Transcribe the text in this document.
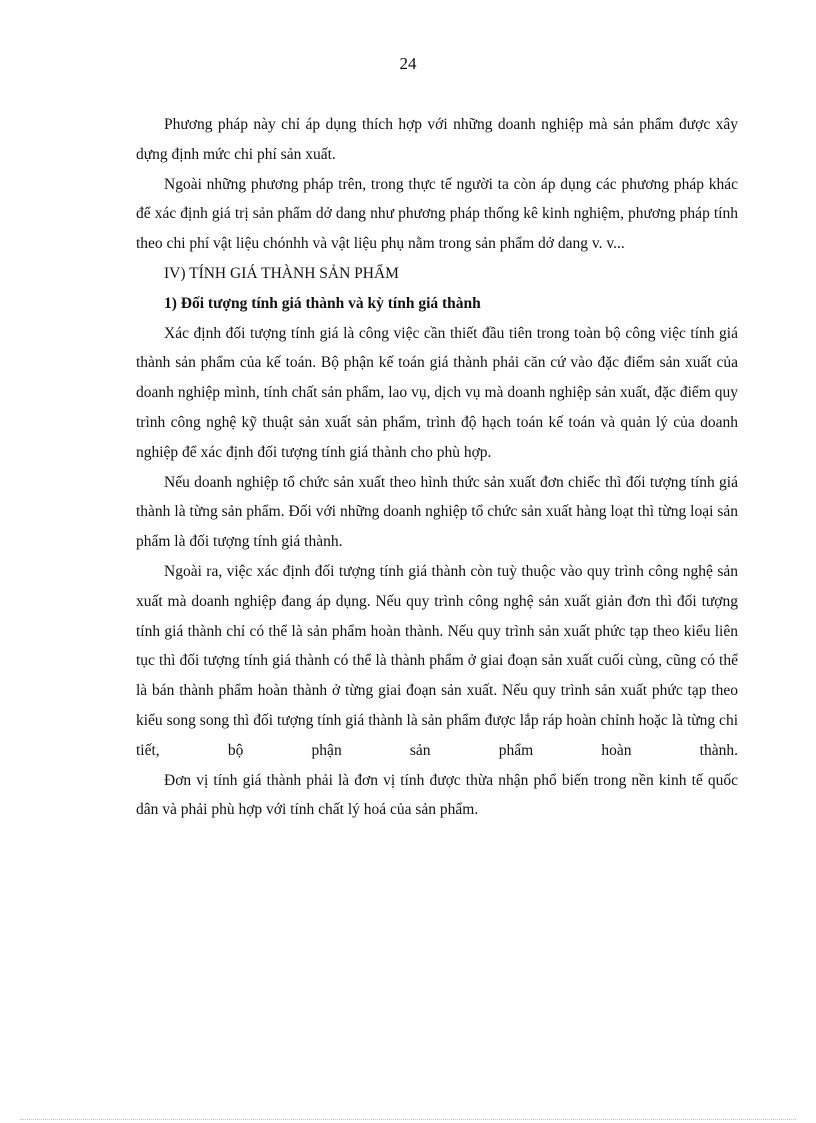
24

Phương pháp này chỉ áp dụng thích hợp với những doanh nghiệp mà sản phẩm được xây dựng định mức chi phí sản xuất.

Ngoài những phương pháp trên, trong thực tế người ta còn áp dụng các phương pháp khác để xác định giá trị sản phẩm dở dang như phương pháp thống kê kinh nghiệm, phương pháp tính theo chi phí vật liệu chónhh và vật liệu phụ nằm trong sản phẩm dở dang v. v...

IV) TÍNH GIÁ THÀNH SẢN PHẨM

1) Đối tượng tính giá thành và kỳ tính giá thành

Xác định đối tượng tính giá là công việc cần thiết đầu tiên trong toàn bộ công việc tính giá thành sản phẩm của kế toán. Bộ phận kế toán giá thành phải căn cứ vào đặc điểm sản xuất của doanh nghiệp mình, tính chất sản phẩm, lao vụ, dịch vụ mà doanh nghiệp sản xuất, đặc điểm quy trình công nghệ kỹ thuật sản xuất sản phẩm, trình độ hạch toán kế toán và quản lý của doanh nghiệp để xác định đối tượng tính giá thành cho phù hợp.

Nếu doanh nghiệp tổ chức sản xuất theo hình thức sản xuất đơn chiếc thì đối tượng tính giá thành là từng sản phẩm. Đối với những doanh nghiệp tổ chức sản xuất hàng loạt thì từng loại sản phẩm là đối tượng tính giá thành.

Ngoài ra, việc xác định đối tượng tính giá thành còn tuỳ thuộc vào quy trình công nghệ sản xuất mà doanh nghiệp đang áp dụng. Nếu quy trình công nghệ sản xuất giản đơn thì đối tượng tính giá thành chỉ có thể là sản phẩm hoàn thành. Nếu quy trình sản xuất phức tạp theo kiểu liên tục thì đối tượng tính giá thành có thể là thành phẩm ở giai đoạn sản xuất cuối cùng, cũng có thể là bán thành phẩm hoàn thành ở từng giai đoạn sản xuất. Nếu quy trình sản xuất phức tạp theo kiểu song song thì đối tượng tính giá thành là sản phẩm được lắp ráp hoàn chỉnh hoặc là từng chi tiết, bộ phận sản phẩm hoàn thành.

Đơn vị tính giá thành phải là đơn vị tính được thừa nhận phổ biến trong nền kinh tế quốc dân và phải phù hợp với tính chất lý hoá của sản phẩm.
